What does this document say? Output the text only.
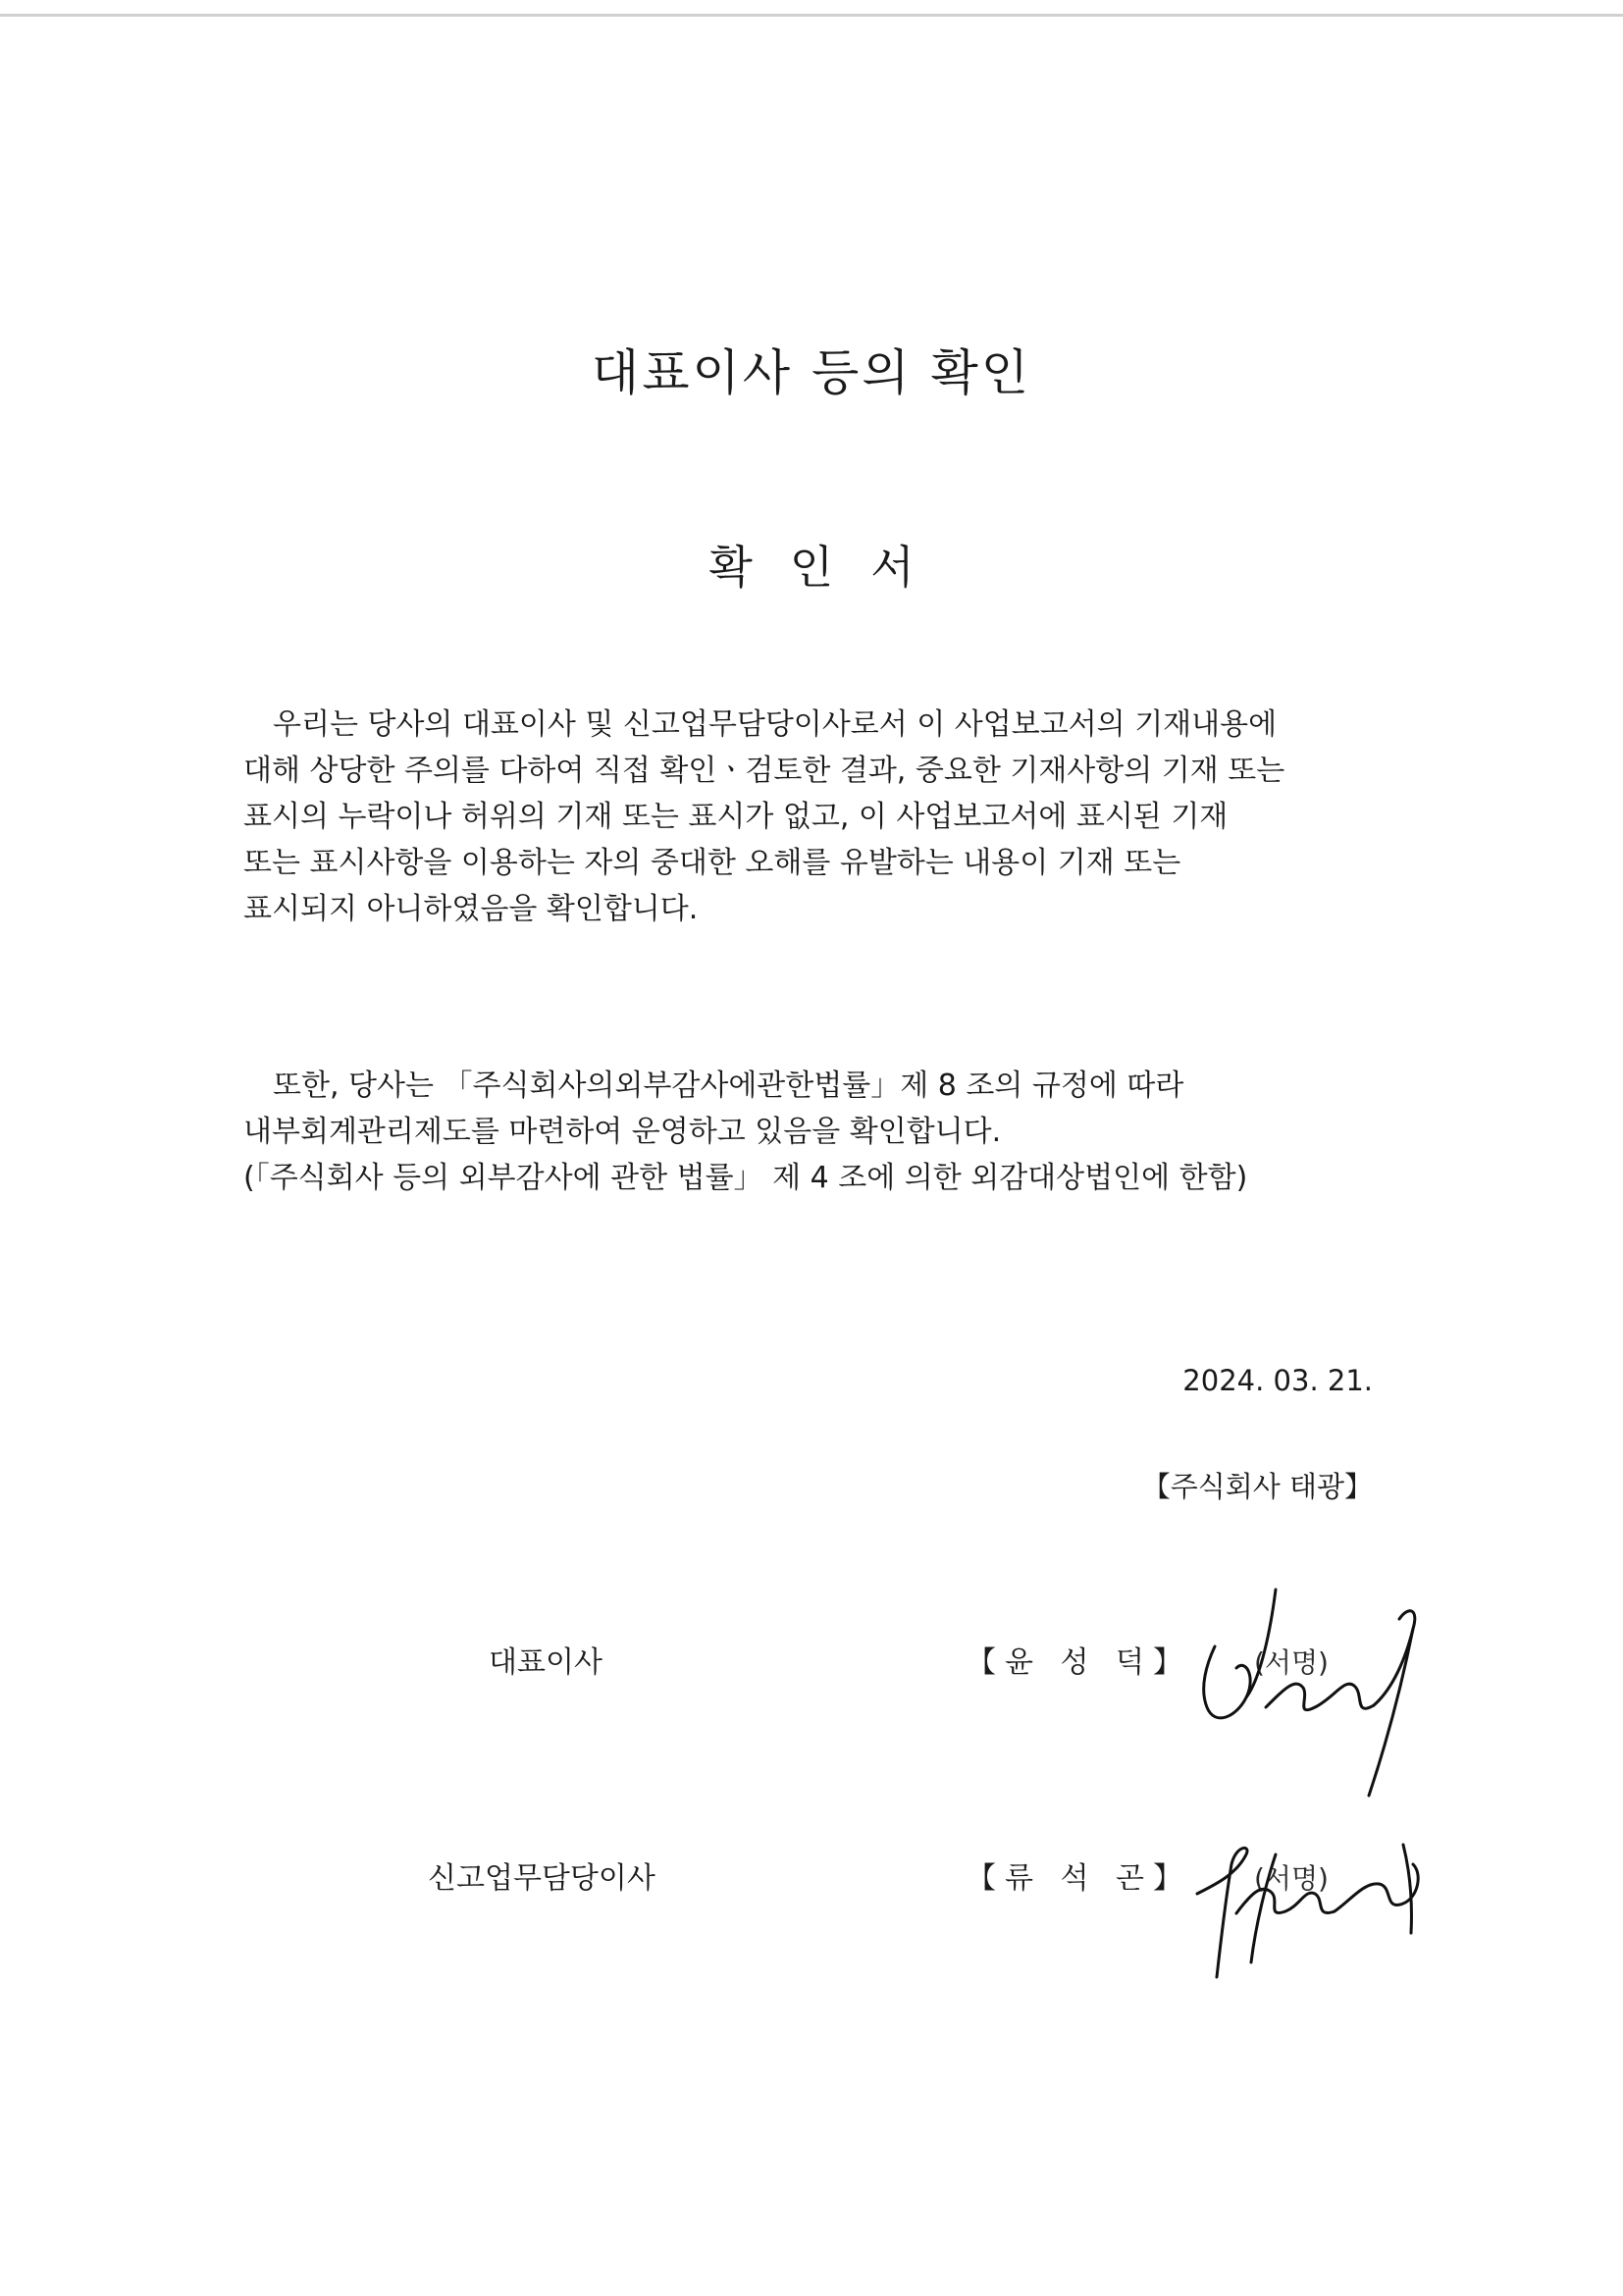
대표이사 등의 확인
확인서
우리는 당사의 대표이사 및 신고업무담당이사로서 이 사업보고서의 기재내용에
대해 상당한 주의를 다하여 직접 확인ㆍ검토한 결과, 중요한 기재사항의 기재 또는
표시의 누락이나 허위의 기재 또는 표시가 없고, 이 사업보고서에 표시된 기재
또는 표시사항을 이용하는 자의 중대한 오해를 유발하는 내용이 기재 또는
표시되지 아니하였음을 확인합니다.
또한, 당사는 「주식회사의외부감사에관한법률」제 8 조의 규정에 따라
내부회계관리제도를 마련하여 운영하고 있음을 확인합니다.
(「주식회사 등의 외부감사에 관한 법률」 제 4 조에 의한 외감대상법인에 한함)
2024. 03. 21.
【주식회사 태광】
대표이사	【윤 성 덕】 (서명)
신고업무담당이사	【류 석 곤】 (서명)
